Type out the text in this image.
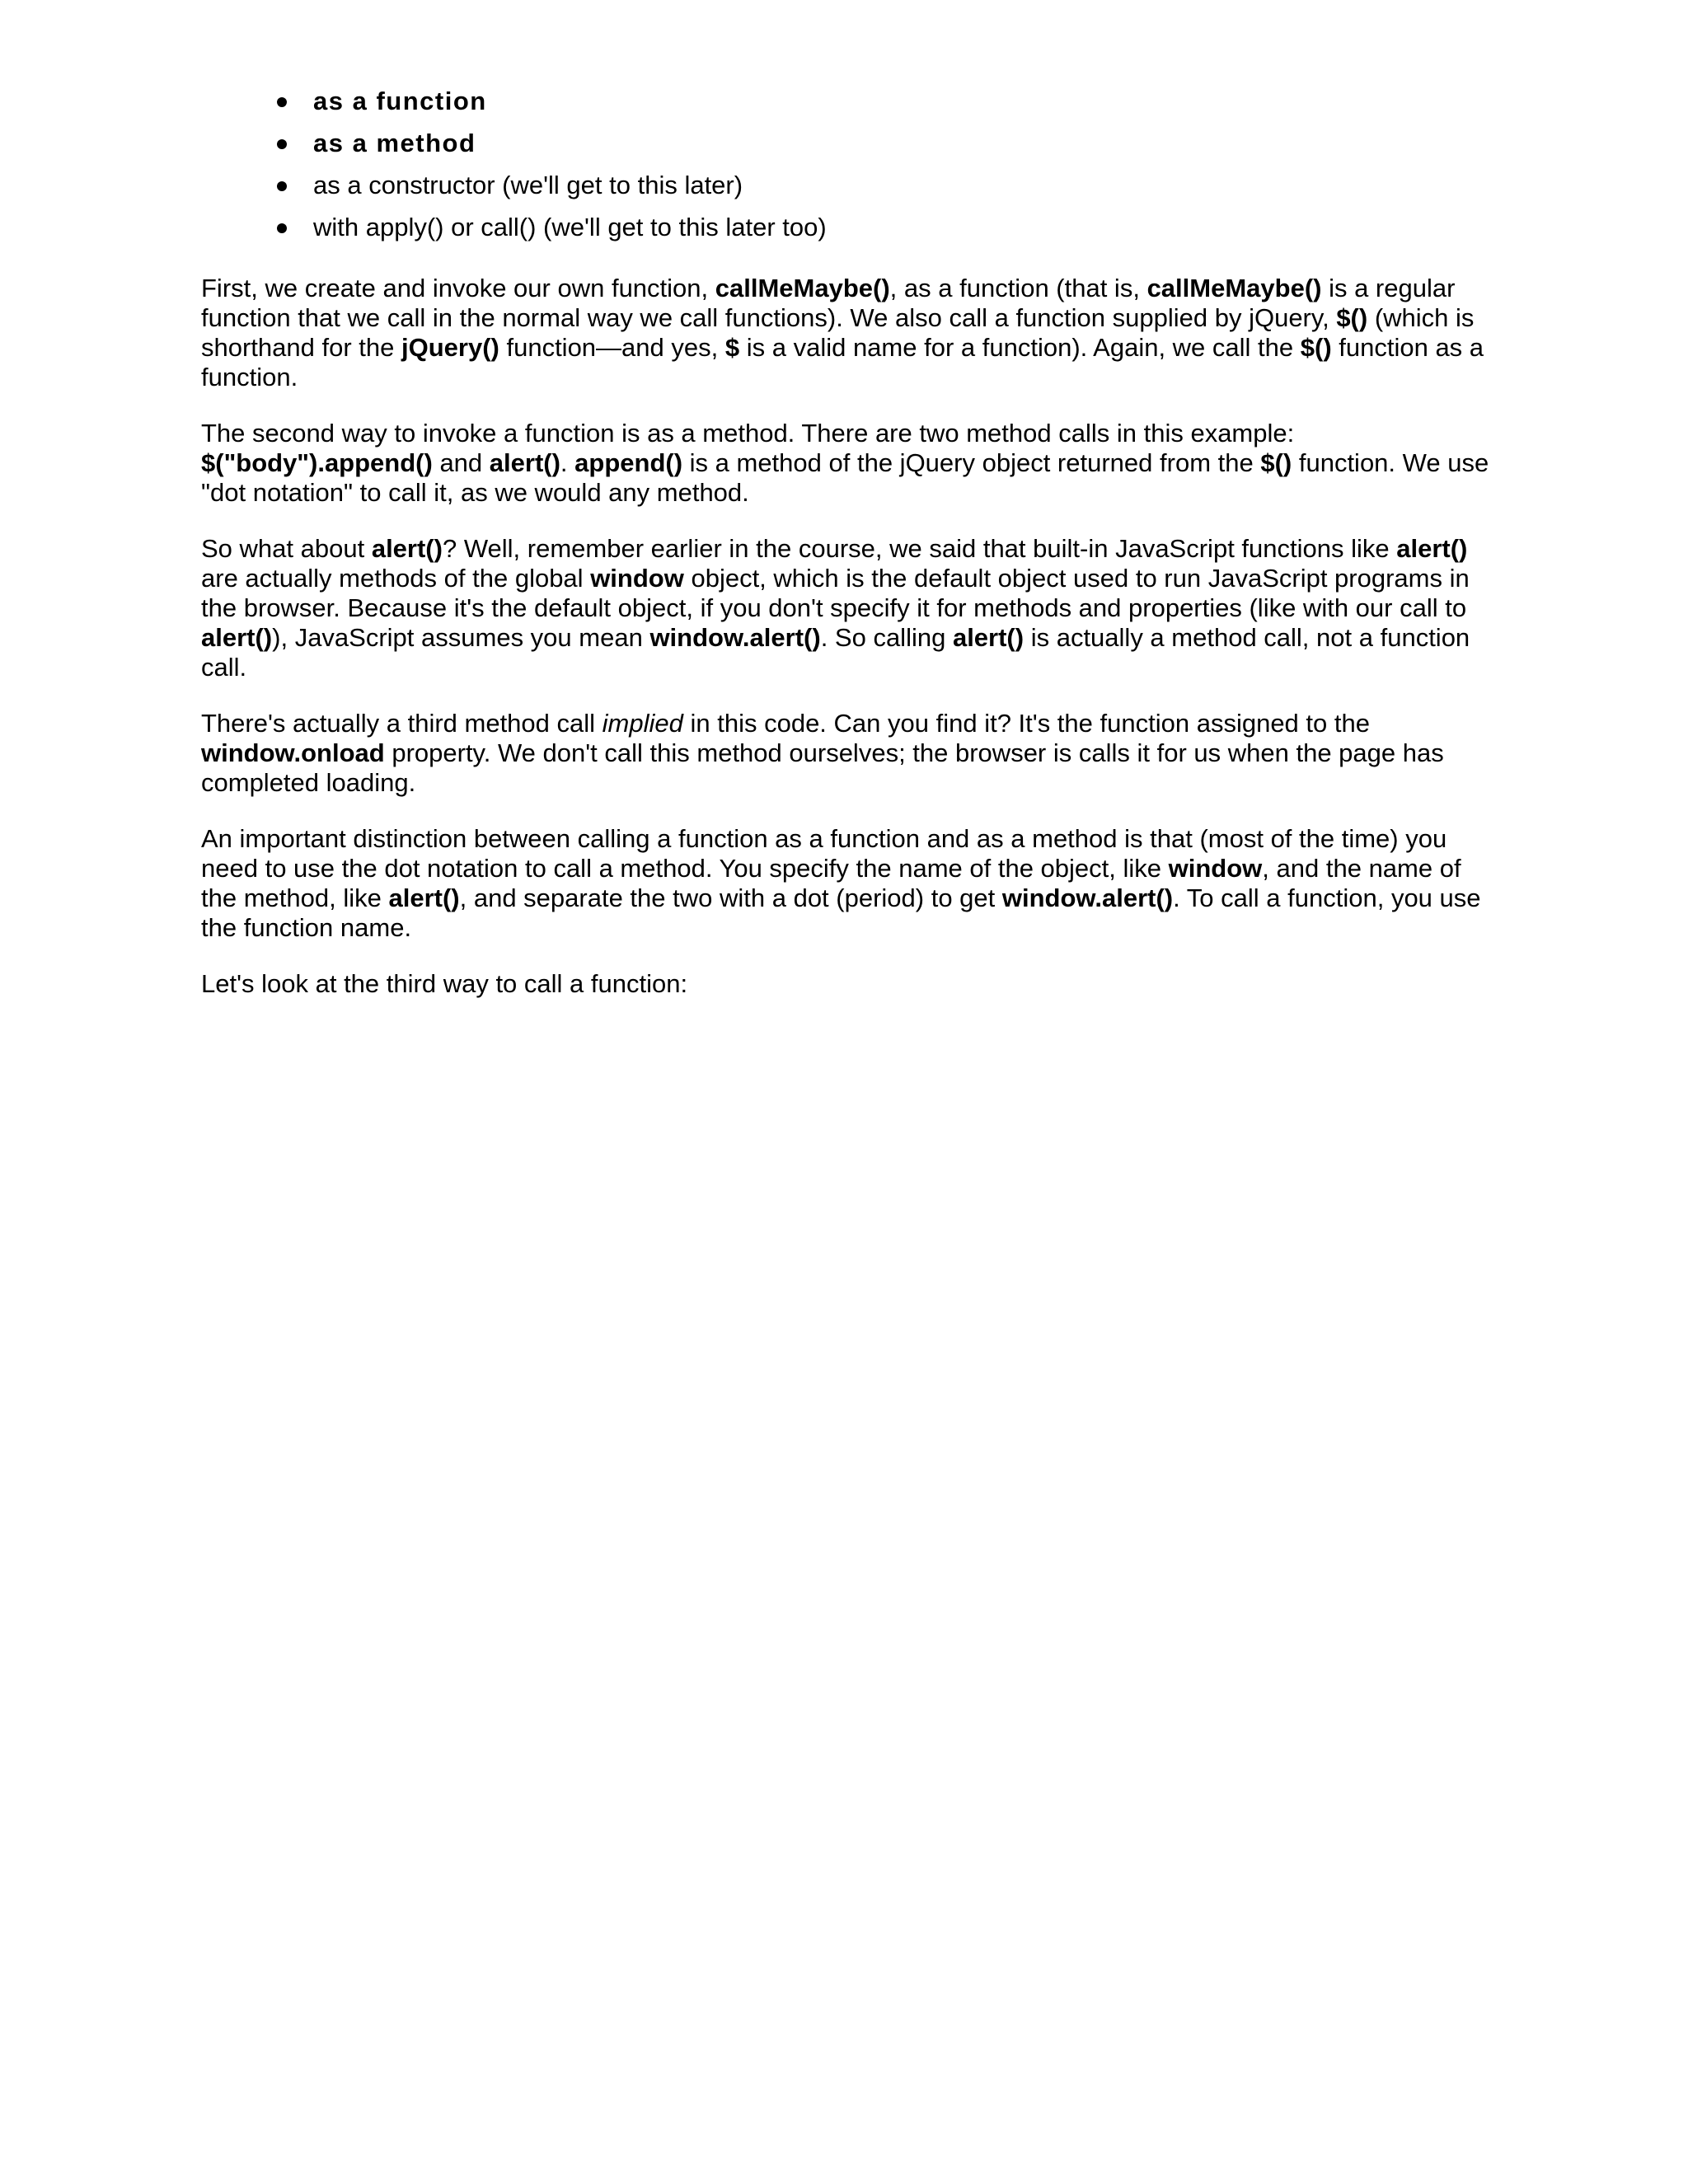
as a function
as a method
as a constructor (we'll get to this later)
with apply() or call() (we'll get to this later too)

First, we create and invoke our own function, callMeMaybe(), as a function (that is, callMeMaybe() is a regular function that we call in the normal way we call functions). We also call a function supplied by jQuery, $() (which is shorthand for the jQuery() function—and yes, $ is a valid name for a function). Again, we call the $() function as a function.

The second way to invoke a function is as a method. There are two method calls in this example: $("body").append() and alert(). append() is a method of the jQuery object returned from the $() function. We use "dot notation" to call it, as we would any method.

So what about alert()? Well, remember earlier in the course, we said that built-in JavaScript functions like alert() are actually methods of the global window object, which is the default object used to run JavaScript programs in the browser. Because it's the default object, if you don't specify it for methods and properties (like with our call to alert()), JavaScript assumes you mean window.alert(). So calling alert() is actually a method call, not a function call.

There's actually a third method call implied in this code. Can you find it? It's the function assigned to the window.onload property. We don't call this method ourselves; the browser is calls it for us when the page has completed loading.

An important distinction between calling a function as a function and as a method is that (most of the time) you need to use the dot notation to call a method. You specify the name of the object, like window, and the name of the method, like alert(), and separate the two with a dot (period) to get window.alert(). To call a function, you use the function name.

Let's look at the third way to call a function:
